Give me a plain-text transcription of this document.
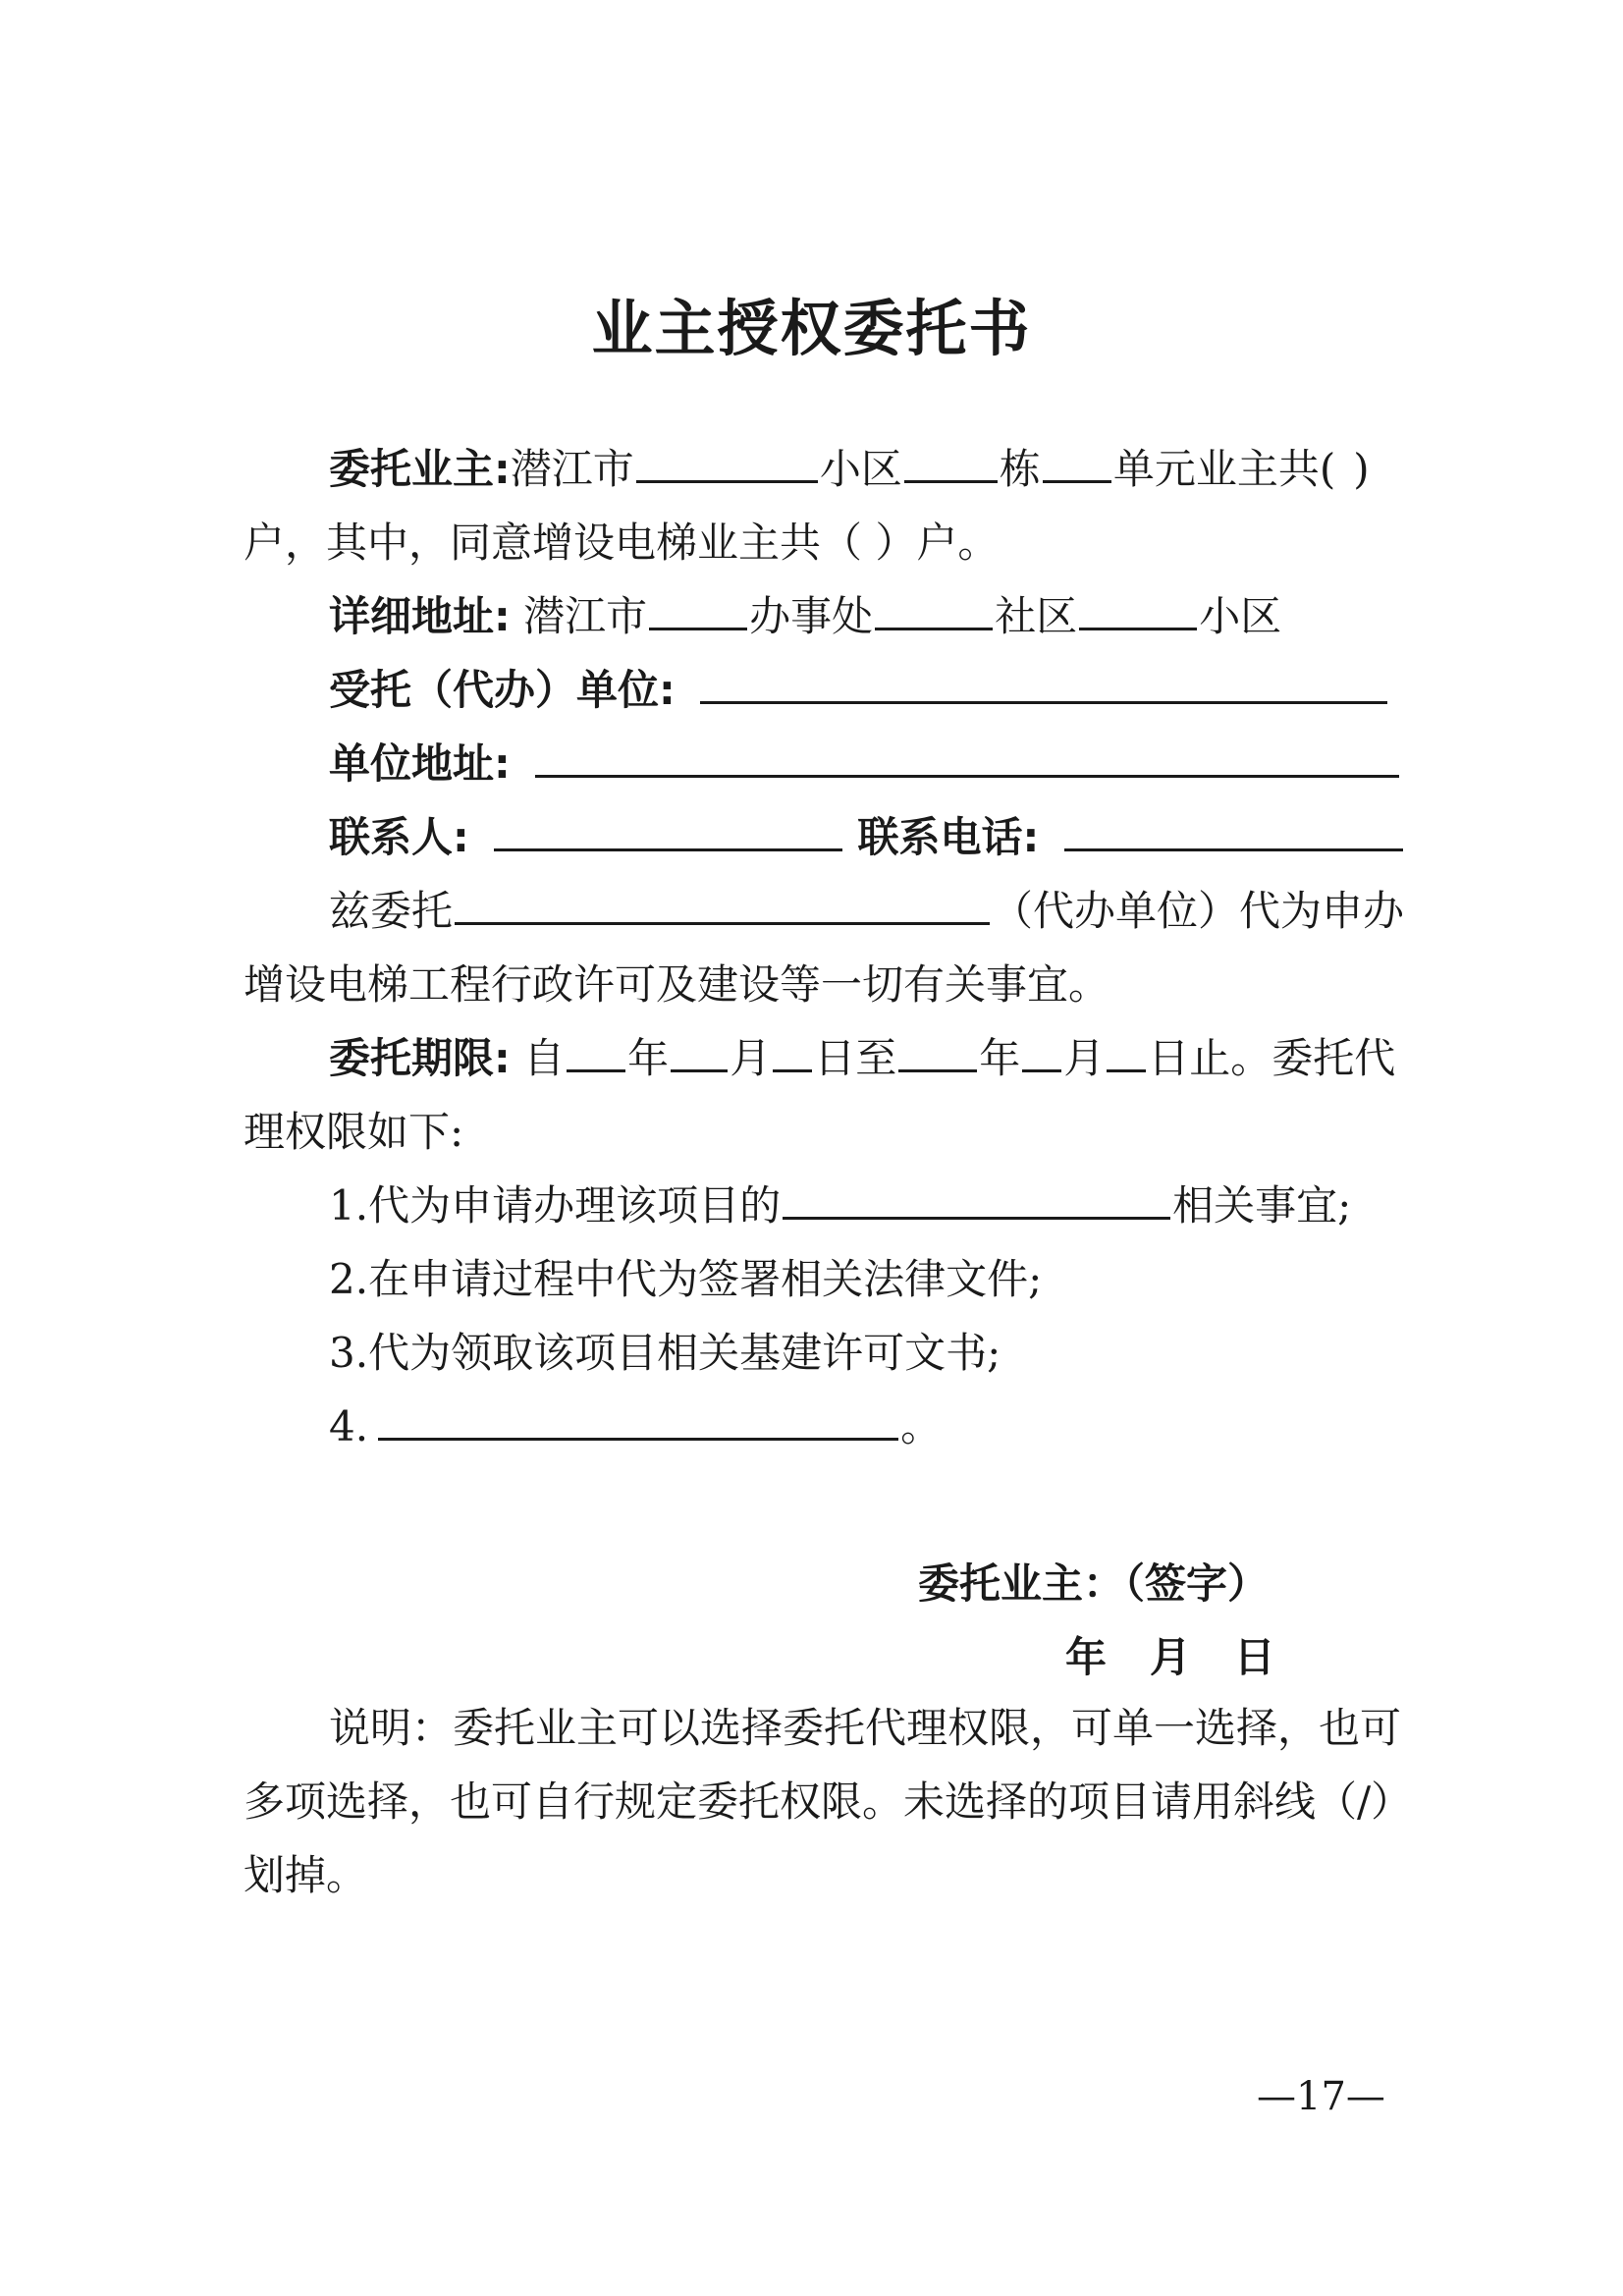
业主授权委托书
委托业主:潜江市	小区 栋 单元业主共( )
户，其中，同意增设电梯业主共（ ）户。
详细地址: 潜江市 办事处	社区	小区
受托（代办）单位:
单位地址:
联系人:	联系电话:
兹委托	（代办单位）代为申办
增设电梯工程行政许可及建设等一切有关事宜。
委托期限: 自 年 月 日至 年 月 日止。委托代
理权限如下:
1.代为申请办理该项目的	相关事宜;
2.在申请过程中代为签署相关法律文件;
3.代为领取该项目相关基建许可文书;
4.	。
委托业主：（签字）
年   月   日
说明：委托业主可以选择委托代理权限，可单一选择，也可
多项选择，也可自行规定委托权限。未选择的项目请用斜线（/）
划掉。
—17—
